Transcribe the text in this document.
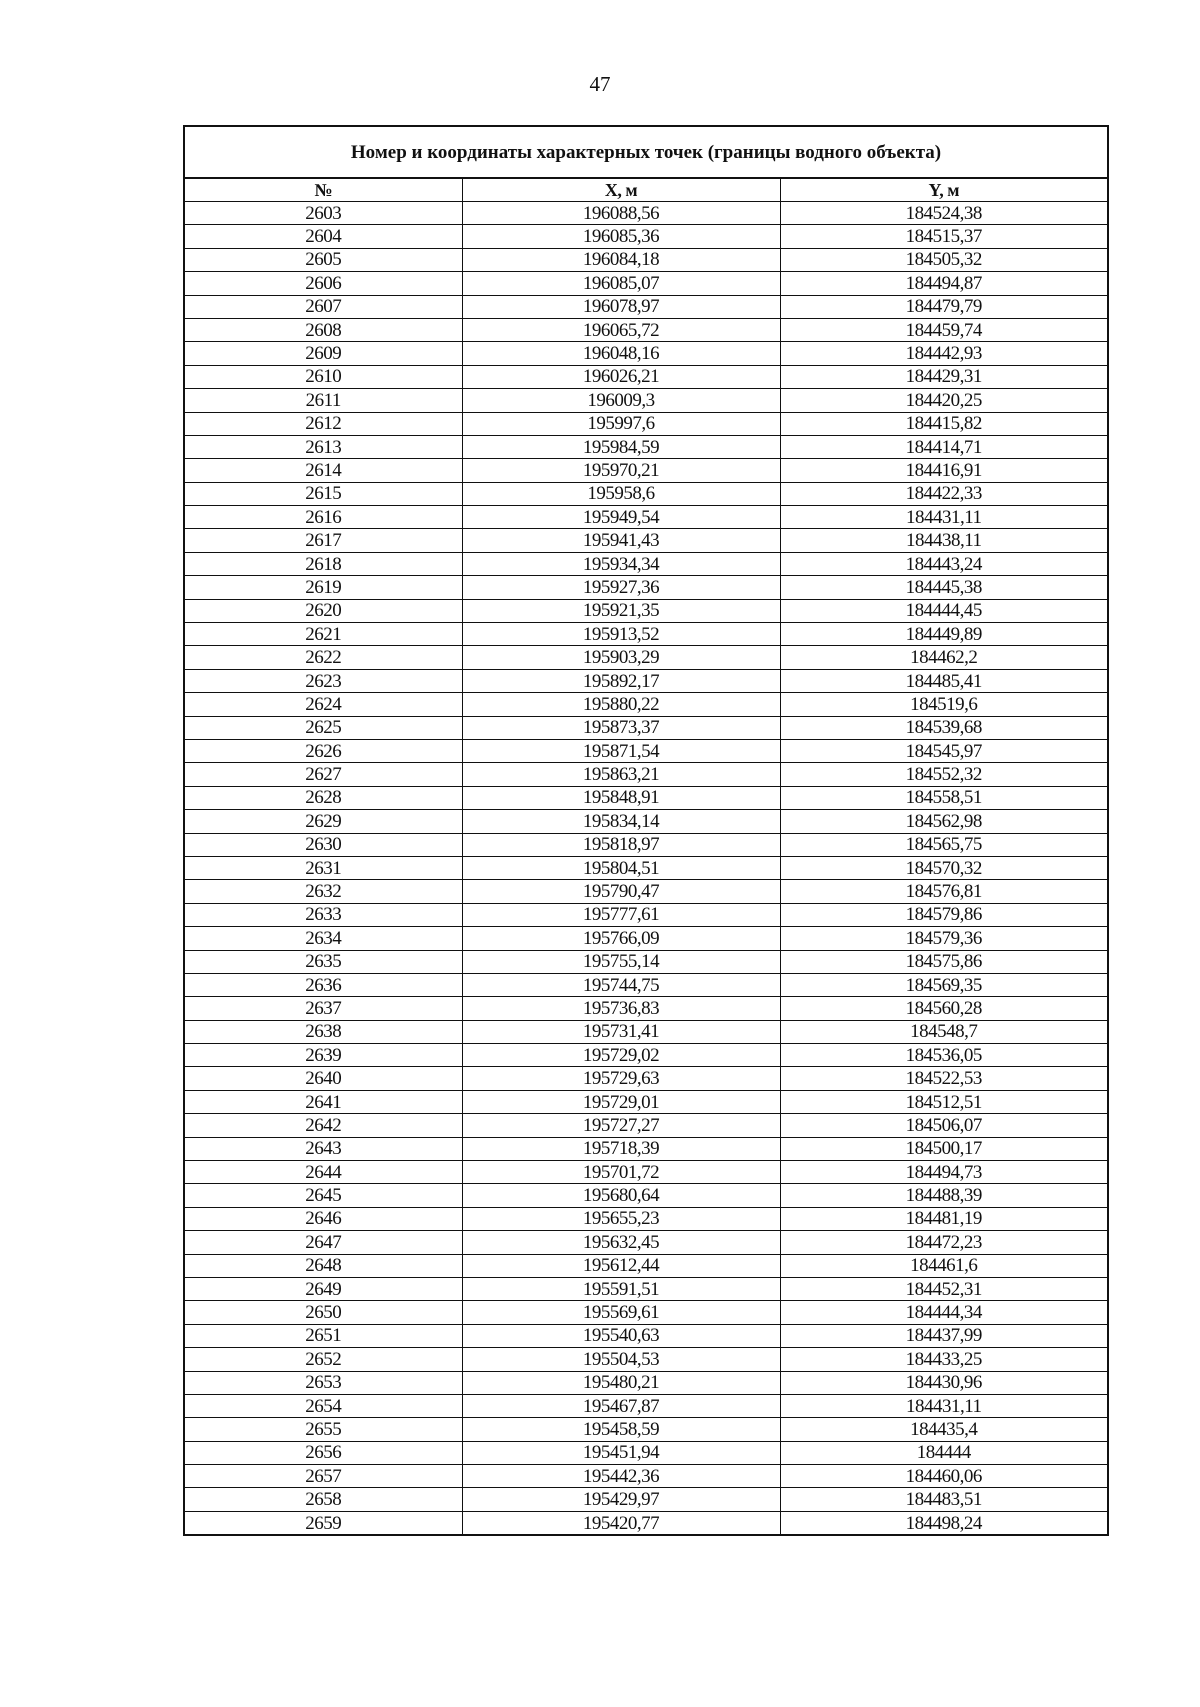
47
Номер и координаты характерных точек (границы водного объекта)		
№	Х, м	Y, м
2603	196088,56	184524,38
2604	196085,36	184515,37
2605	196084,18	184505,32
2606	196085,07	184494,87
2607	196078,97	184479,79
2608	196065,72	184459,74
2609	196048,16	184442,93
2610	196026,21	184429,31
2611	196009,3	184420,25
2612	195997,6	184415,82
2613	195984,59	184414,71
2614	195970,21	184416,91
2615	195958,6	184422,33
2616	195949,54	184431,11
2617	195941,43	184438,11
2618	195934,34	184443,24
2619	195927,36	184445,38
2620	195921,35	184444,45
2621	195913,52	184449,89
2622	195903,29	184462,2
2623	195892,17	184485,41
2624	195880,22	184519,6
2625	195873,37	184539,68
2626	195871,54	184545,97
2627	195863,21	184552,32
2628	195848,91	184558,51
2629	195834,14	184562,98
2630	195818,97	184565,75
2631	195804,51	184570,32
2632	195790,47	184576,81
2633	195777,61	184579,86
2634	195766,09	184579,36
2635	195755,14	184575,86
2636	195744,75	184569,35
2637	195736,83	184560,28
2638	195731,41	184548,7
2639	195729,02	184536,05
2640	195729,63	184522,53
2641	195729,01	184512,51
2642	195727,27	184506,07
2643	195718,39	184500,17
2644	195701,72	184494,73
2645	195680,64	184488,39
2646	195655,23	184481,19
2647	195632,45	184472,23
2648	195612,44	184461,6
2649	195591,51	184452,31
2650	195569,61	184444,34
2651	195540,63	184437,99
2652	195504,53	184433,25
2653	195480,21	184430,96
2654	195467,87	184431,11
2655	195458,59	184435,4
2656	195451,94	184444
2657	195442,36	184460,06
2658	195429,97	184483,51
2659	195420,77	184498,24
